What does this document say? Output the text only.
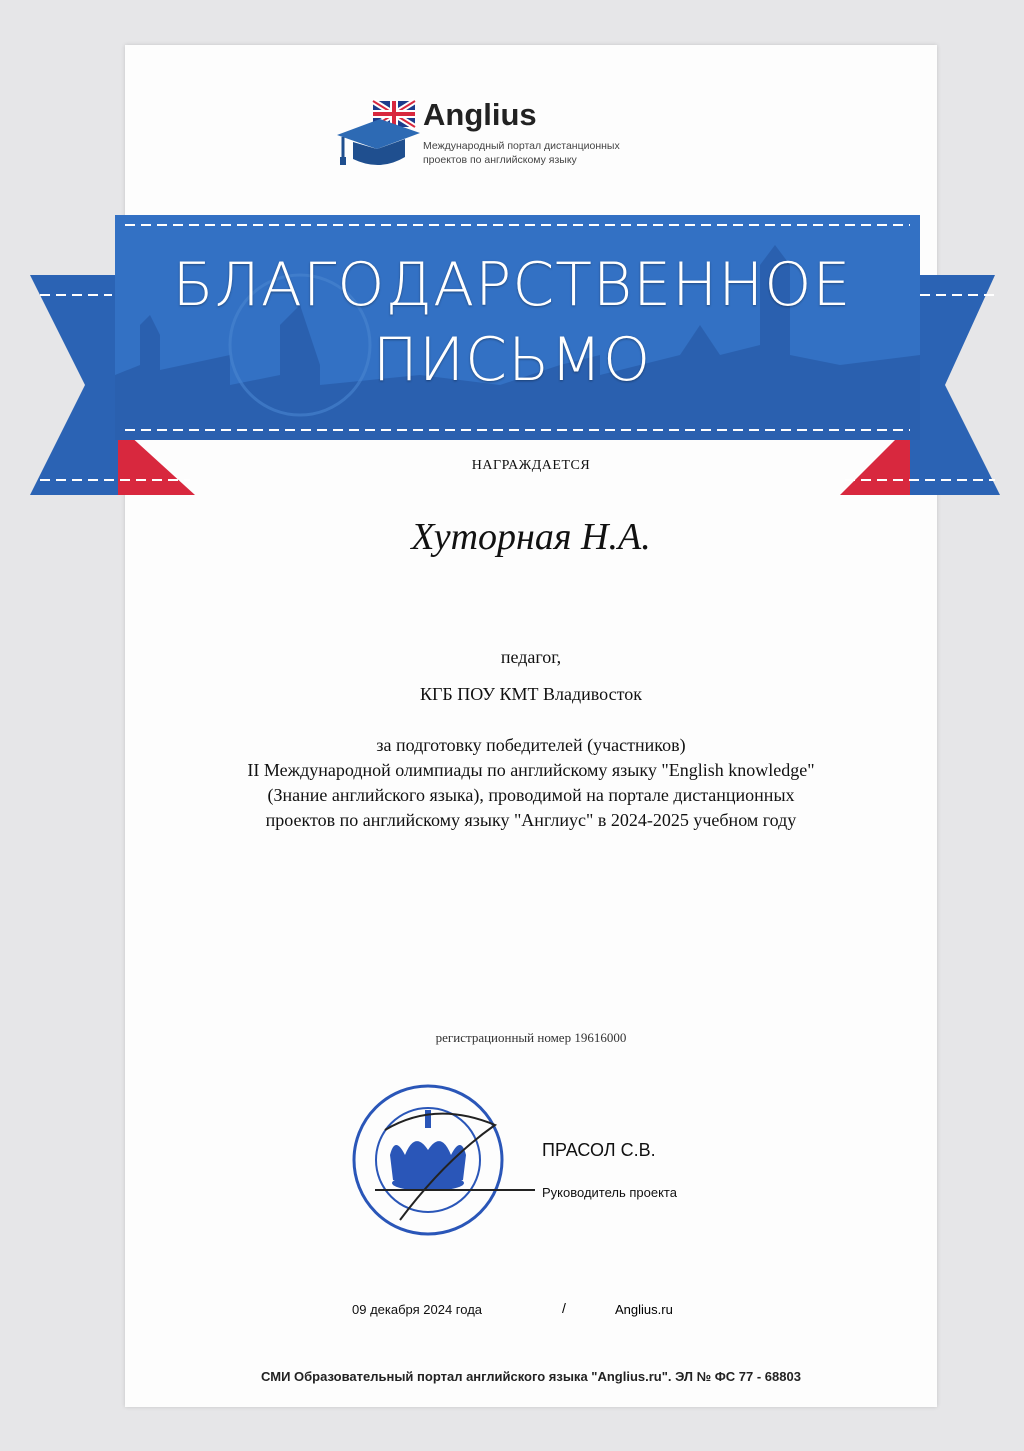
Anglius
Международный портал дистанционных проектов по английскому языку
БЛАГОДАРСТВЕННОЕ
ПИСЬМО
НАГРАЖДАЕТСЯ
Хуторная Н.А.
педагог,
КГБ ПОУ КМТ Владивосток
за подготовку победителей (участников)
II Международной олимпиады по английскому языку "English knowledge"
(Знание английского языка), проводимой на портале дистанционных
проектов по английскому языку "Англиус" в 2024-2025 учебном году
регистрационный номер 19616000
ПРАСОЛ С.В.
Руководитель проекта
09 декабря 2024 года	/	Anglius.ru
СМИ Образовательный портал английского языка "Anglius.ru". ЭЛ № ФС 77 - 68803
